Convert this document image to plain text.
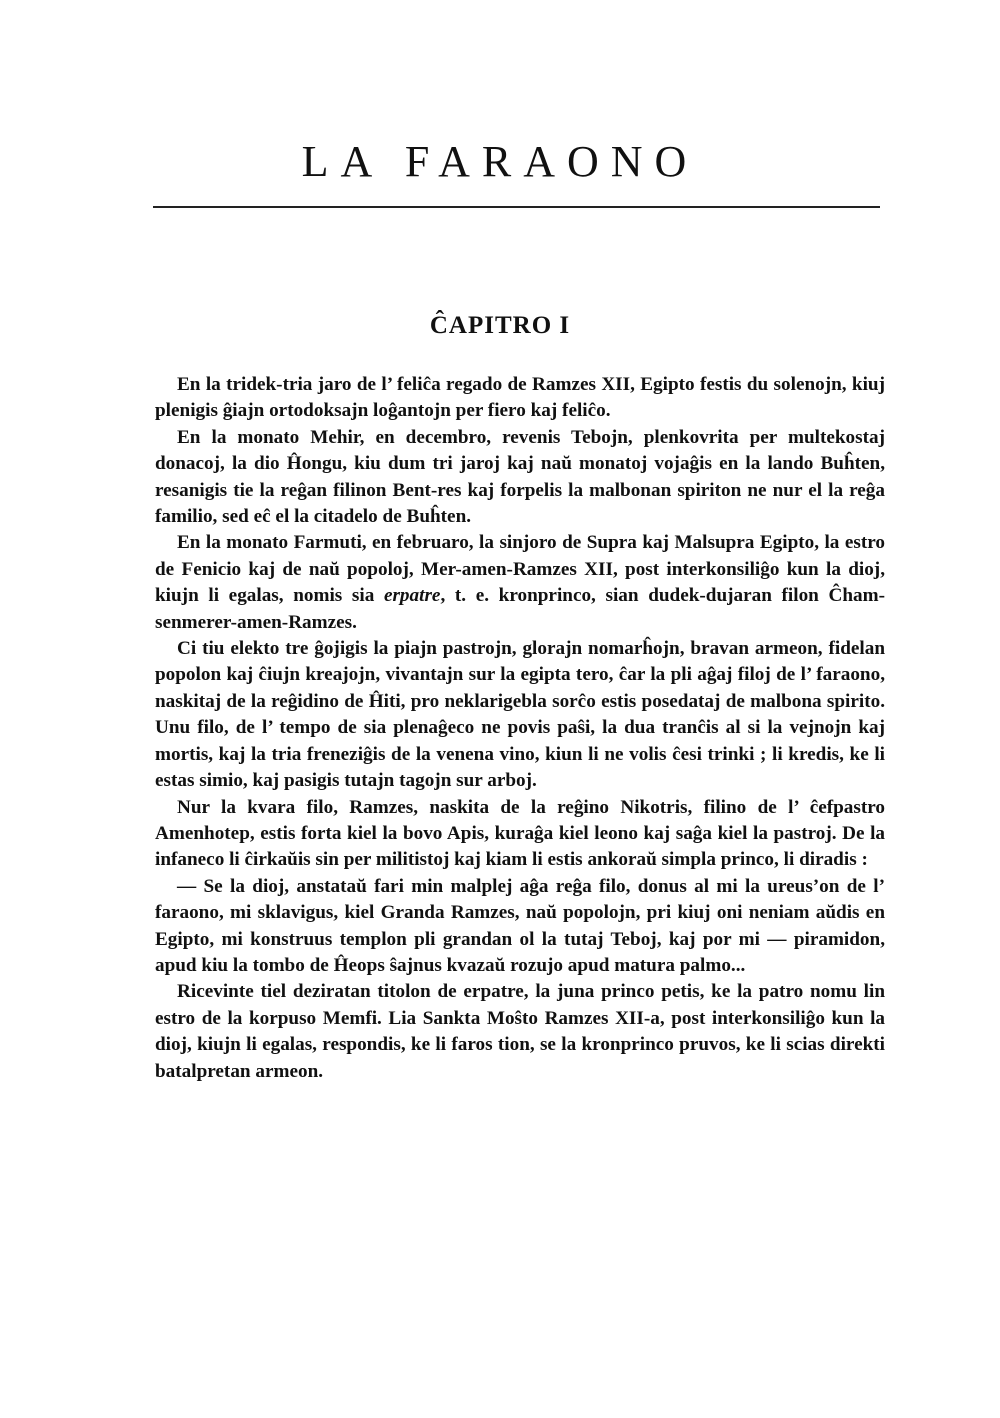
LA FARAONO
ĈAPITRO I

En la tridek-tria jaro de l’ feliĉa regado de Ramzes XII, Egipto festis du solenojn, kiuj plenigis ĝiajn ortodoksajn loĝantojn per fiero kaj feliĉo.

En la monato Mehir, en decembro, revenis Tebojn, plenkovrita per multekostaj donacoj, la dio Ĥongu, kiu dum tri jaroj kaj naŭ monatoj vojaĝis en la lando Buĥten, resanigis tie la reĝan filinon Bent-res kaj forpelis la malbonan spiriton ne nur el la reĝa familio, sed eĉ el la citadelo de Buĥten.

En la monato Farmuti, en februaro, la sinjoro de Supra kaj Malsupra Egipto, la estro de Fenicio kaj de naŭ popoloj, Mer-amen-Ramzes XII, post interkonsiliĝo kun la dioj, kiujn li egalas, nomis sia erpatre, t. e. kronprinco, sian dudek-dujaran filon Ĉham-senmerer-amen-Ramzes.

Ci tiu elekto tre ĝojigis la piajn pastrojn, glorajn nomarĥojn, bravan armeon, fidelan popolon kaj ĉiujn kreajojn, vivantajn sur la egipta tero, ĉar la pli aĝaj filoj de l’ faraono, naskitaj de la reĝidino de Ĥiti, pro neklarigebla sorĉo estis posedataj de malbona spirito. Unu filo, de l’ tempo de sia plenaĝeco ne povis paŝi, la dua tranĉis al si la vejnojn kaj mortis, kaj la tria freneziĝis de la venena vino, kiun li ne volis ĉesi trinki ; li kredis, ke li estas simio, kaj pasigis tutajn tagojn sur arboj.

Nur la kvara filo, Ramzes, naskita de la reĝino Nikotris, filino de l’ ĉefpastro Amenhotep, estis forta kiel la bovo Apis, kuraĝa kiel leono kaj saĝa kiel la pastroj. De la infaneco li ĉirkaŭis sin per militistoj kaj kiam li estis ankoraŭ simpla princo, li diradis :

— Se la dioj, anstataŭ fari min malplej aĝa reĝa filo, donus al mi la ureus’on de l’ faraono, mi sklavigus, kiel Granda Ramzes, naŭ popolojn, pri kiuj oni neniam aŭdis en Egipto, mi konstruus templon pli grandan ol la tutaj Teboj, kaj por mi — piramidon, apud kiu la tombo de Ĥeops ŝajnus kvazaŭ rozujo apud matura palmo...

Ricevinte tiel deziratan titolon de erpatre, la juna princo petis, ke la patro nomu lin estro de la korpuso Memfi. Lia Sankta Moŝto Ramzes XII-a, post interkonsiliĝo kun la dioj, kiujn li egalas, respondis, ke li faros tion, se la kronprinco pruvos, ke li scias direkti batalpretan armeon.
